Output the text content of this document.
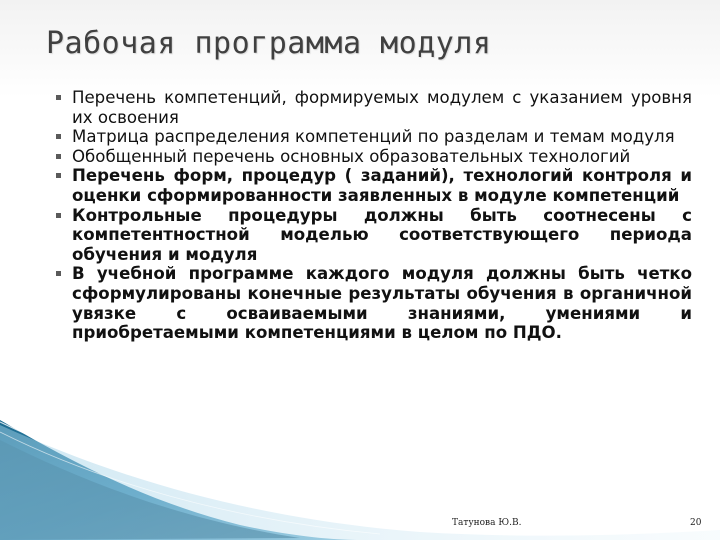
Рабочая программа модуля
Перечень компетенций, формируемых модулем с указанием уровня их освоения
Матрица распределения компетенций по разделам и темам модуля
Обобщенный перечень основных образовательных технологий
Перечень форм, процедур ( заданий), технологий контроля и оценки сформированности заявленных в модуле компетенций
Контрольные процедуры должны быть соотнесены с компетентностной моделью соответствующего периода обучения и модуля
В учебной программе каждого модуля должны быть четко сформулированы конечные результаты обучения в органичной увязке с осваиваемыми знаниями, умениями и приобретаемыми компетенциями в целом по ПДО.
Татунова Ю.В.	20
